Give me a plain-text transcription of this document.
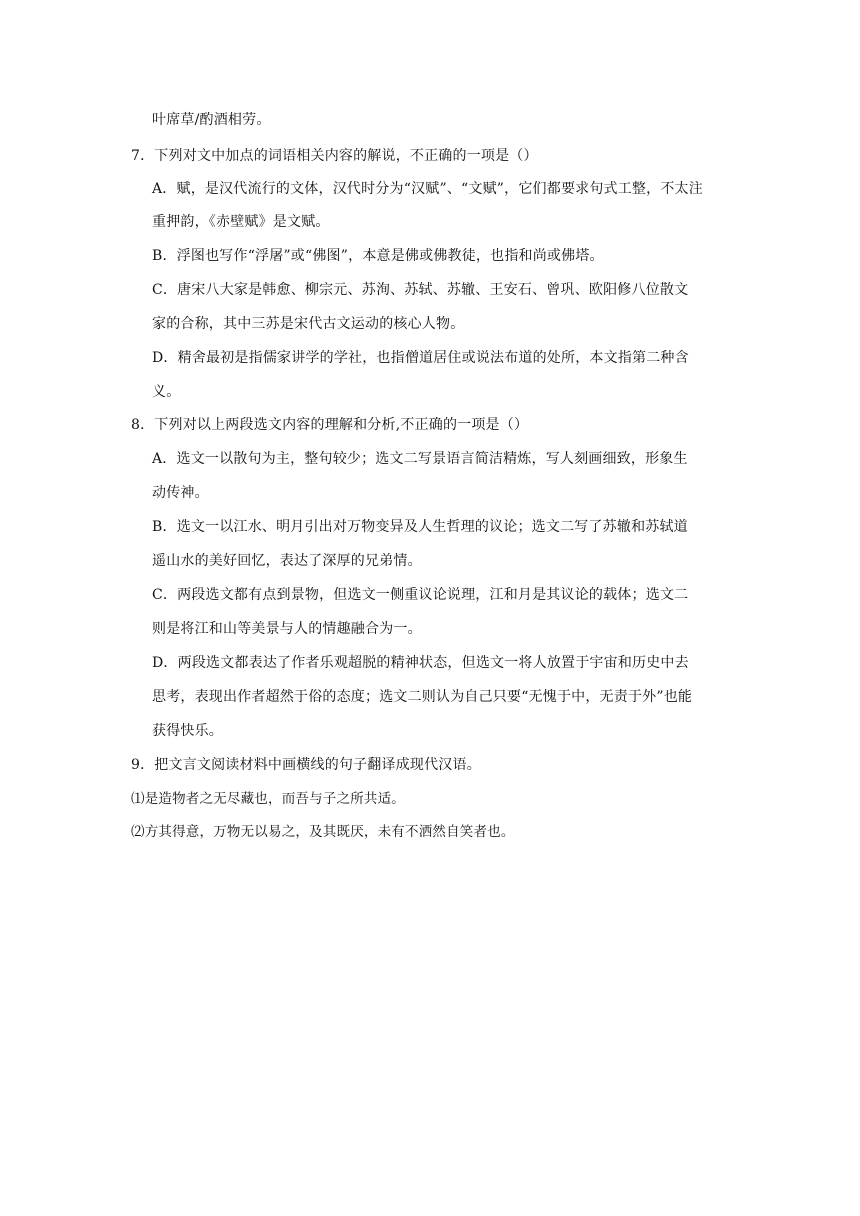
叶席草/酌酒相劳。
7．下列对文中加点的词语相关内容的解说，不正确的一项是（）
A．赋，是汉代流行的文体，汉代时分为“汉赋”、“文赋”，它们都要求句式工整，不太注
重押韵，《赤壁赋》是文赋。
B．浮图也写作“浮屠”或“佛图”，本意是佛或佛教徒，也指和尚或佛塔。
C．唐宋八大家是韩愈、柳宗元、苏洵、苏轼、苏辙、王安石、曾巩、欧阳修八位散文
家的合称，其中三苏是宋代古文运动的核心人物。
D．精舍最初是指儒家讲学的学社，也指僧道居住或说法布道的处所，本文指第二种含
义。
8．下列对以上两段选文内容的理解和分析,不正确的一项是（）
A．选文一以散句为主，整句较少；选文二写景语言简洁精炼，写人刻画细致，形象生
动传神。
B．选文一以江水、明月引出对万物变异及人生哲理的议论；选文二写了苏辙和苏轼道
遥山水的美好回忆，表达了深厚的兄弟情。
C．两段选文都有点到景物，但选文一侧重议论说理，江和月是其议论的载体；选文二
则是将江和山等美景与人的情趣融合为一。
D．两段选文都表达了作者乐观超脱的精神状态，但选文一将人放置于宇宙和历史中去
思考，表现出作者超然于俗的态度；选文二则认为自己只要“无愧于中，无责于外”也能
获得快乐。
9．把文言文阅读材料中画横线的句子翻译成现代汉语。
⑴是造物者之无尽藏也，而吾与子之所共适。
⑵方其得意，万物无以易之，及其既厌，未有不洒然自笑者也。
